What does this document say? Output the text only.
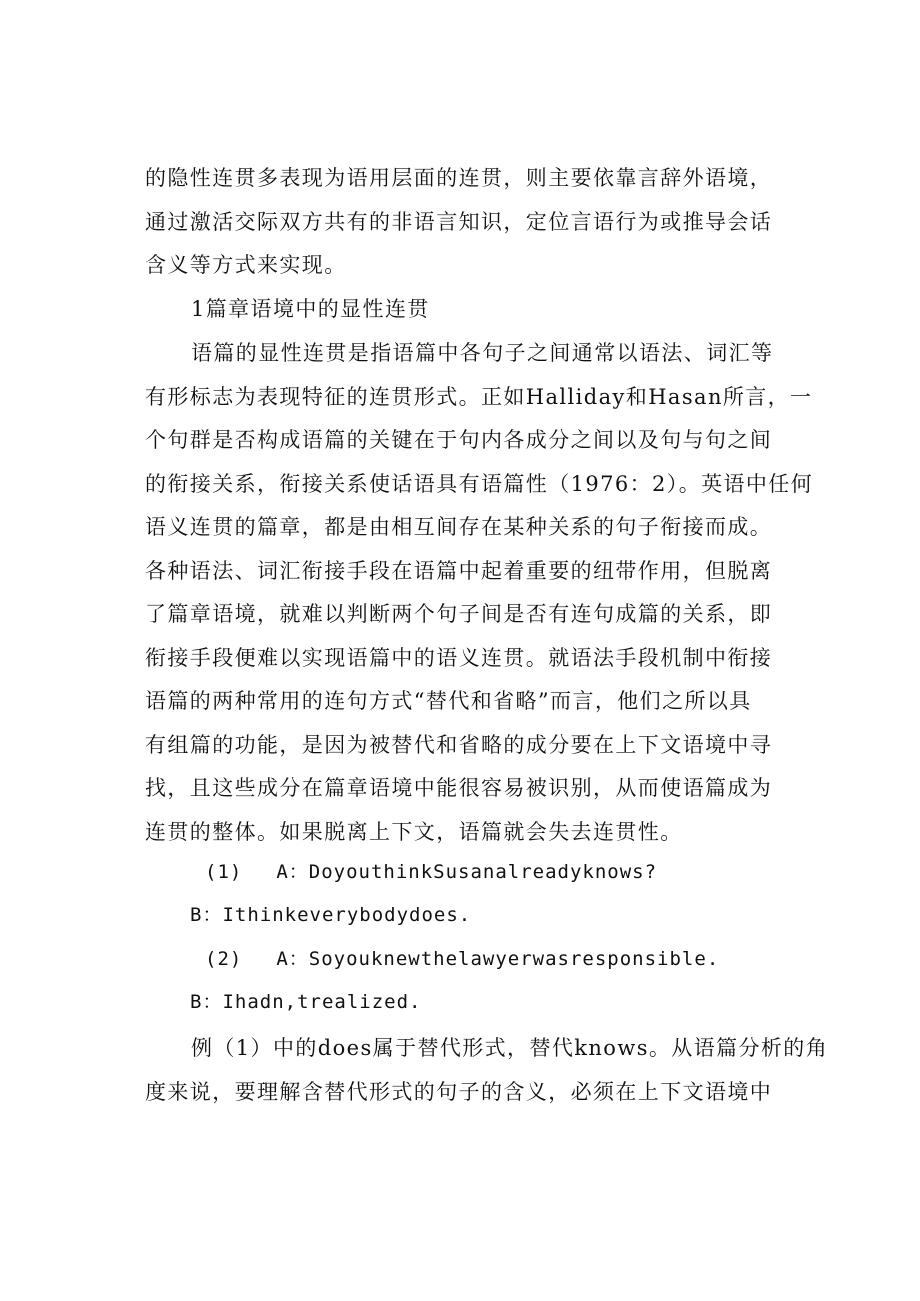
的隐性连贯多表现为语用层面的连贯，则主要依靠言辞外语境，
通过激活交际双方共有的非语言知识，定位言语行为或推导会话
含义等方式来实现。
1篇章语境中的显性连贯
语篇的显性连贯是指语篇中各句子之间通常以语法、词汇等
有形标志为表现特征的连贯形式。正如Halliday和Hasan所言，一
个句群是否构成语篇的关键在于句内各成分之间以及句与句之间
的衔接关系，衔接关系使话语具有语篇性（1976：2）。英语中任何
语义连贯的篇章，都是由相互间存在某种关系的句子衔接而成。
各种语法、词汇衔接手段在语篇中起着重要的纽带作用，但脱离
了篇章语境，就难以判断两个句子间是否有连句成篇的关系，即
衔接手段便难以实现语篇中的语义连贯。就语法手段机制中衔接
语篇的两种常用的连句方式“替代和省略”而言，他们之所以具
有组篇的功能，是因为被替代和省略的成分要在上下文语境中寻
找，且这些成分在篇章语境中能很容易被识别，从而使语篇成为
连贯的整体。如果脱离上下文，语篇就会失去连贯性。
(1) A：DoyouthinkSusanalreadyknows?
B：Ithinkeverybodydoes.
(2) A：Soyouknewthelawyerwasresponsible.
B：Ihadn,trealized.
例（1）中的does属于替代形式，替代knows。从语篇分析的角
度来说，要理解含替代形式的句子的含义，必须在上下文语境中
